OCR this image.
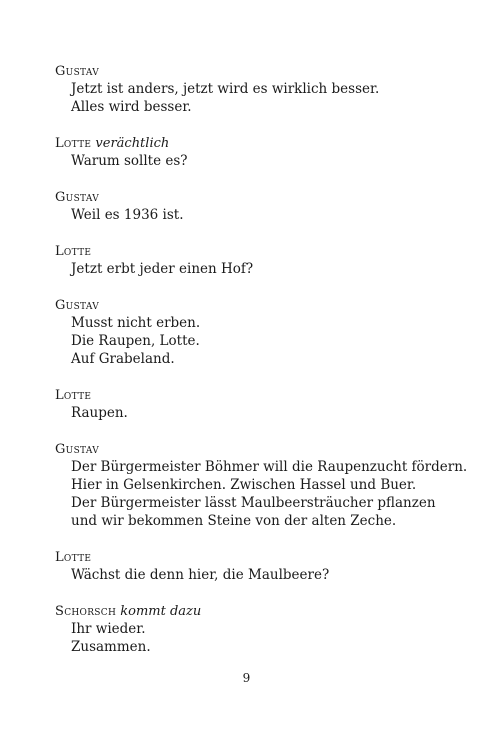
Gustav
Jetzt ist anders, jetzt wird es wirklich besser.
Alles wird besser.
Lotte verächtlich
Warum sollte es?
Gustav
Weil es 1936 ist.
Lotte
Jetzt erbt jeder einen Hof?
Gustav
Musst nicht erben.
Die Raupen, Lotte.
Auf Grabeland.
Lotte
Raupen.
Gustav
Der Bürgermeister Böhmer will die Raupenzucht fördern.
Hier in Gelsenkirchen. Zwischen Hassel und Buer.
Der Bürgermeister lässt Maulbeersträucher pflanzen
und wir bekommen Steine von der alten Zeche.
Lotte
Wächst die denn hier, die Maulbeere?
Schorsch kommt dazu
Ihr wieder.
Zusammen.
9
